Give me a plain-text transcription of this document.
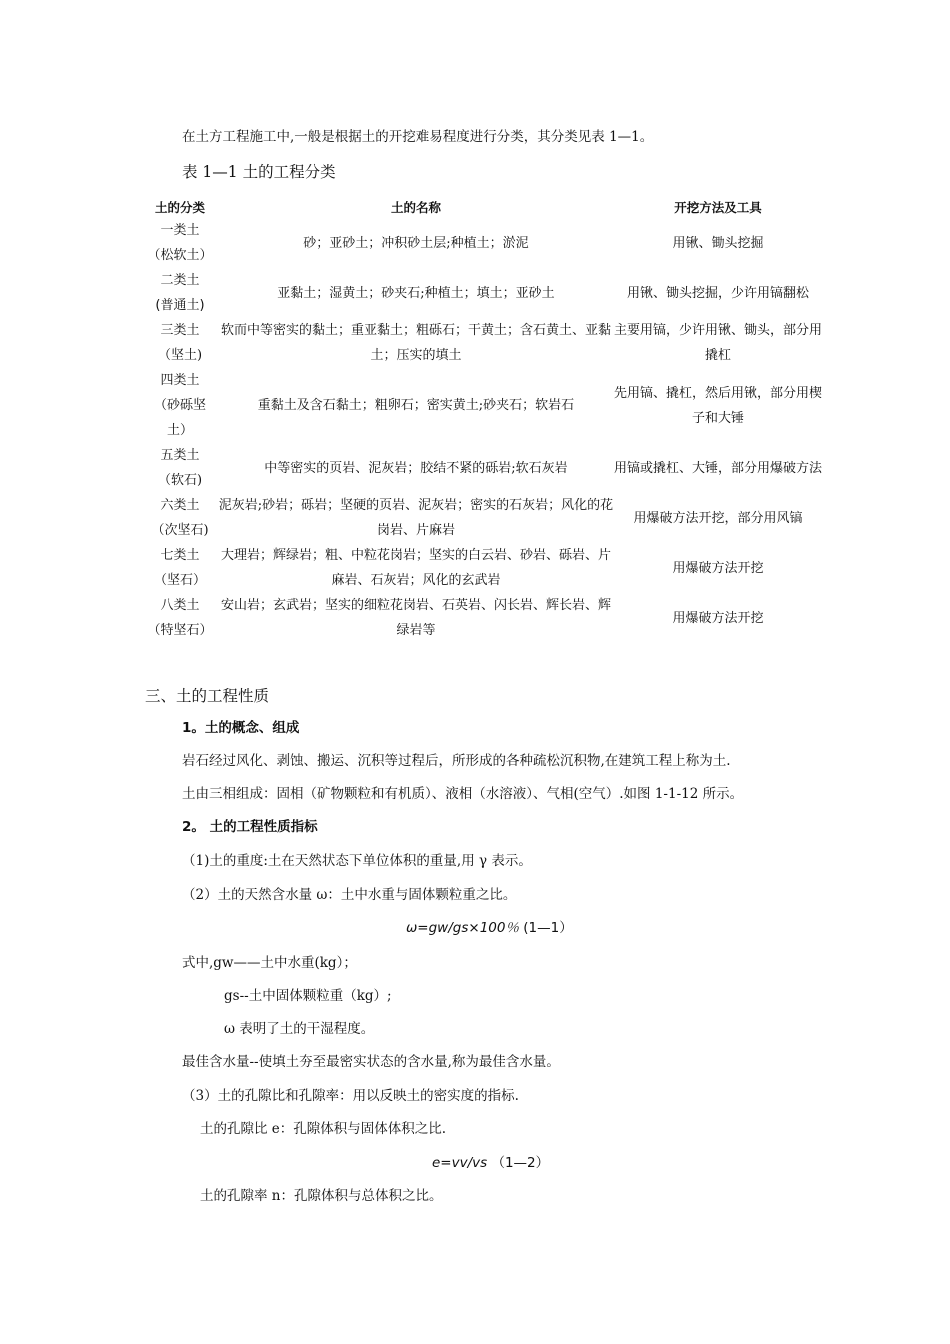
在土方工程施工中,一般是根据土的开挖难易程度进行分类，其分类见表 1—1。
表 1—1 土的工程分类
土的分类	土的名称	开挖方法及工具

一类土
（松软土）	砂；亚砂土；冲积砂土层;种植土；淤泥	用锹、锄头挖掘

二类土
(普通土)	亚黏土；湿黄土；砂夹石;种植土；填土；亚砂土	用锹、锄头挖掘，少许用镐翻松

三类土
（坚土)	软而中等密实的黏土；重亚黏土；粗砾石；干黄土；含石黄土、亚黏土；压实的填土	主要用镐，少许用锹、锄头，部分用撬杠

四类土
（砂砾坚土）	重黏土及含石黏土；粗卵石；密实黄土;砂夹石；软岩石	先用镐、撬杠，然后用锹，部分用楔子和大锤

五类土
（软石)	中等密实的页岩、泥灰岩；胶结不紧的砾岩;软石灰岩	用镐或撬杠、大锤，部分用爆破方法

六类土
（次坚石)	泥灰岩;砂岩；砾岩；坚硬的页岩、泥灰岩；密实的石灰岩；风化的花岗岩、片麻岩	用爆破方法开挖，部分用风镐

七类土
（坚石）	大理岩；辉绿岩；粗、中粒花岗岩；坚实的白云岩、砂岩、砾岩、片麻岩、石灰岩；风化的玄武岩	用爆破方法开挖

八类土
（特坚石）	安山岩；玄武岩；坚实的细粒花岗岩、石英岩、闪长岩、辉长岩、辉绿岩等	用爆破方法开挖
三、土的工程性质
1。土的概念、组成
岩石经过风化、剥蚀、搬运、沉积等过程后，所形成的各种疏松沉积物,在建筑工程上称为土.
土由三相组成：固相（矿物颗粒和有机质）、液相（水溶液）、气相(空气）.如图 1-1-12 所示。
2。 土的工程性质指标
（1)土的重度:土在天然状态下单位体积的重量,用 γ 表示。
（2）土的天然含水量 ω：土中水重与固体颗粒重之比。
ω=gw/gs×100％ (1—1）
式中,gw——土中水重(kg）；
gs--土中固体颗粒重（kg）;
ω 表明了土的干湿程度。
最佳含水量--使填土夯至最密实状态的含水量,称为最佳含水量。
（3）土的孔隙比和孔隙率：用以反映土的密实度的指标.
土的孔隙比 e：孔隙体积与固体体积之比.
e=vv/vs （1—2）
土的孔隙率 n：孔隙体积与总体积之比。
